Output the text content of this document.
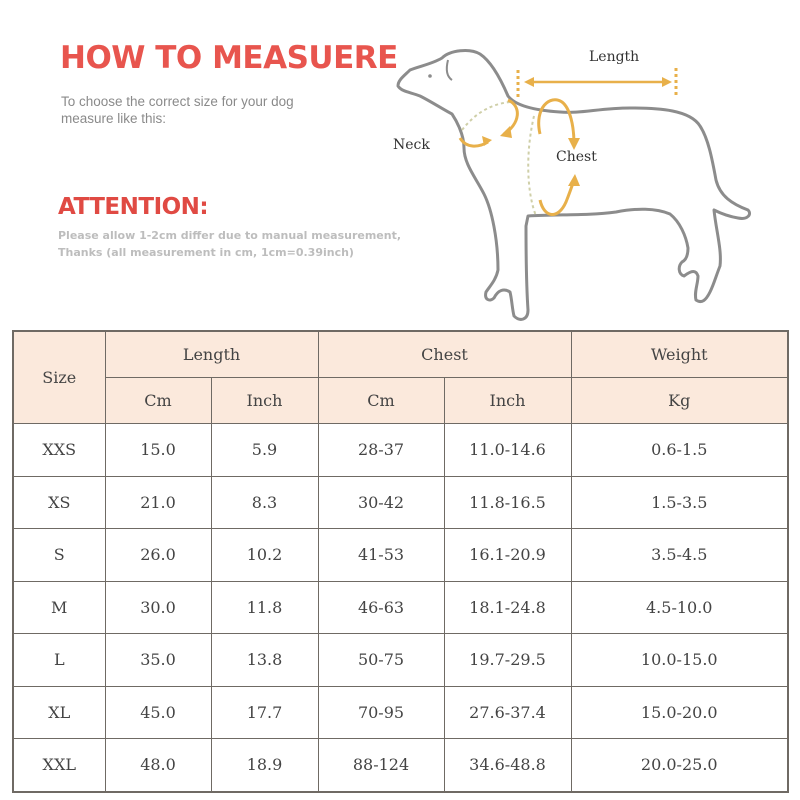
HOW TO MEASUERE
To choose the correct size for your dog measure like this:
ATTENTION:
Please allow 1-2cm differ due to manual measurement,
Thanks (all measurement in cm, 1cm=0.39inch)
Length
Neck
Chest
Size	Length		Chest		Weight
	Cm	Inch	Cm	Inch	Kg
XXS	15.0	5.9	28-37	11.0-14.6	0.6-1.5
XS	21.0	8.3	30-42	11.8-16.5	1.5-3.5
S	26.0	10.2	41-53	16.1-20.9	3.5-4.5
M	30.0	11.8	46-63	18.1-24.8	4.5-10.0
L	35.0	13.8	50-75	19.7-29.5	10.0-15.0
XL	45.0	17.7	70-95	27.6-37.4	15.0-20.0
XXL	48.0	18.9	88-124	34.6-48.8	20.0-25.0
